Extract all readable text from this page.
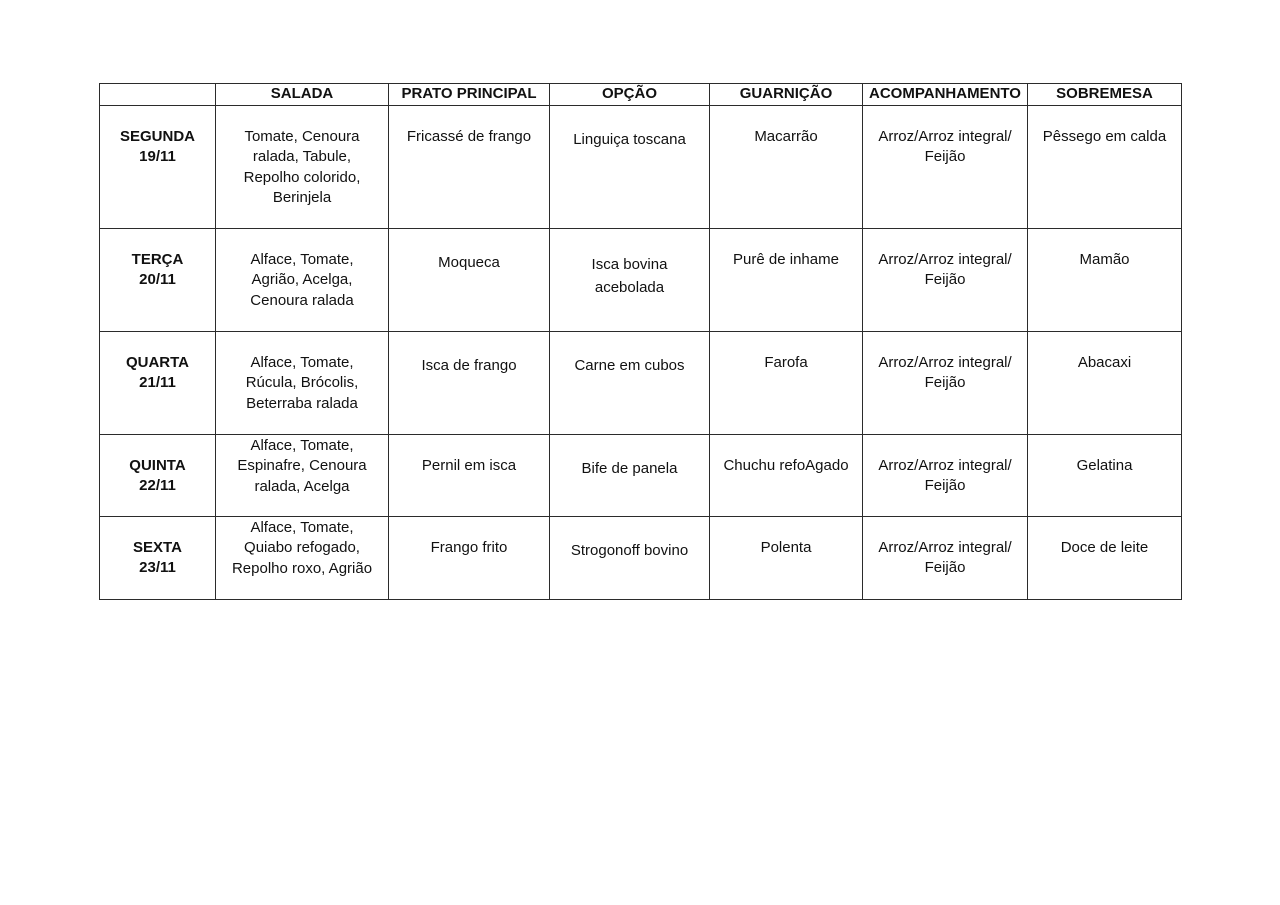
	SALADA	PRATO PRINCIPAL	OPÇÃO	GUARNIÇÃO	ACOMPANHAMENTO	SOBREMESA

SEGUNDA
19/11	Tomate, Cenoura ralada, Tabule, Repolho colorido, Berinjela	Fricassé de frango	Linguiça toscana	Macarrão	Arroz/Arroz integral/ Feijão	Pêssego em calda

TERÇA
20/11	Alface, Tomate, Agrião, Acelga, Cenoura ralada	Moqueca	Isca bovina acebolada	Purê de inhame	Arroz/Arroz integral/ Feijão	Mamão

QUARTA
21/11	Alface, Tomate, Rúcula, Brócolis, Beterraba ralada	Isca de frango	Carne em cubos	Farofa	Arroz/Arroz integral/ Feijão	Abacaxi

QUINTA
22/11	Alface, Tomate, Espinafre, Cenoura ralada, Acelga	Pernil em isca	Bife de panela	Chuchu refoAgado	Arroz/Arroz integral/ Feijão	Gelatina

SEXTA
23/11	Alface, Tomate, Quiabo refogado, Repolho roxo, Agrião	Frango frito	Strogonoff bovino	Polenta	Arroz/Arroz integral/ Feijão	Doce de leite
